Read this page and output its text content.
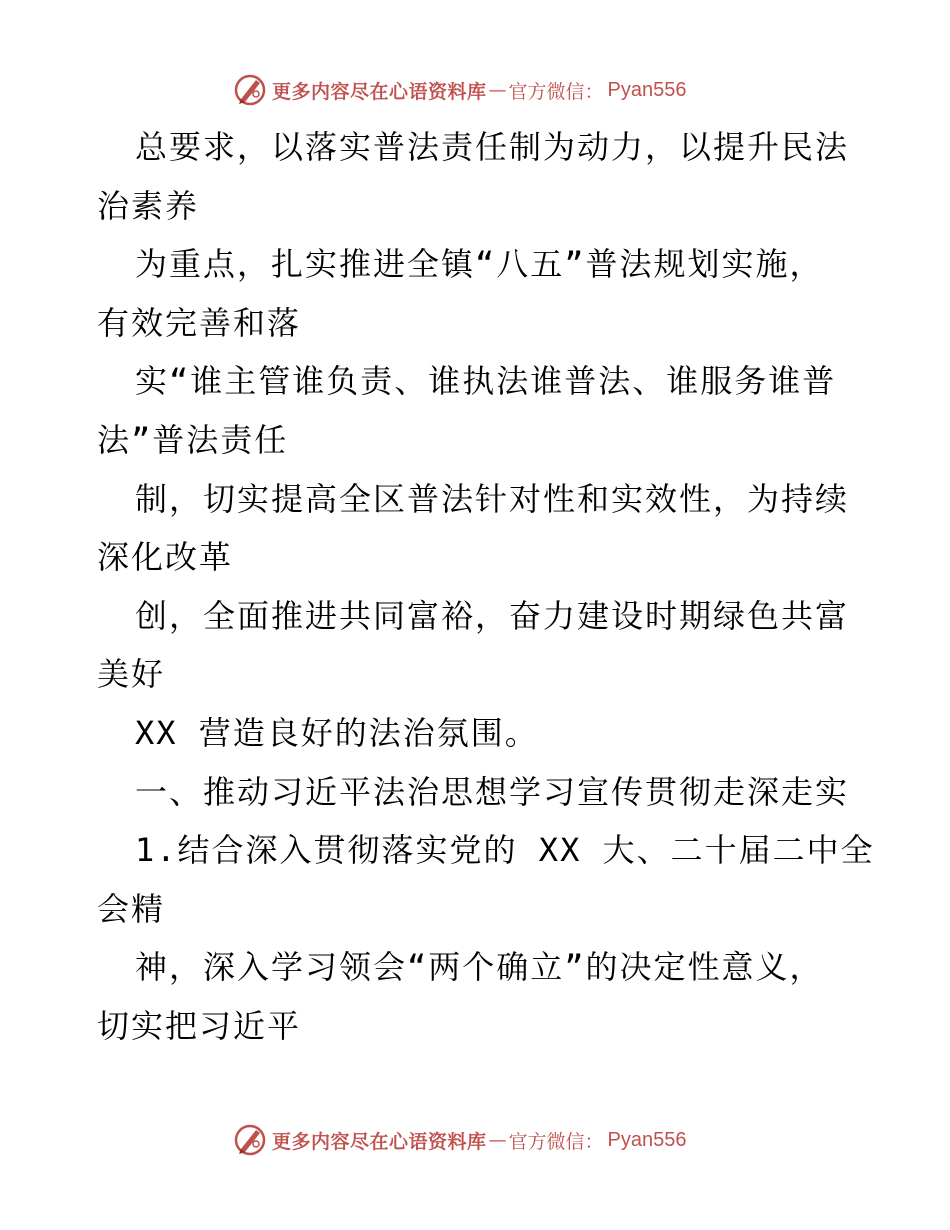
更多内容尽在心语资料库 — 官方微信： Pyan556
总要求，以落实普法责任制为动力，以提升民法
治素养
为重点，扎实推进全镇“八五”普法规划实施，
有效完善和落
实“谁主管谁负责、谁执法谁普法、谁服务谁普
法”普法责任
制，切实提高全区普法针对性和实效性，为持续
深化改革
创，全面推进共同富裕，奋力建设时期绿色共富
美好
XX 营造良好的法治氛围。
一、推动习近平法治思想学习宣传贯彻走深走实
1.结合深入贯彻落实党的 XX 大、二十届二中全
会精
神，深入学习领会“两个确立”的决定性意义，
切实把习近平
更多内容尽在心语资料库 — 官方微信： Pyan556
